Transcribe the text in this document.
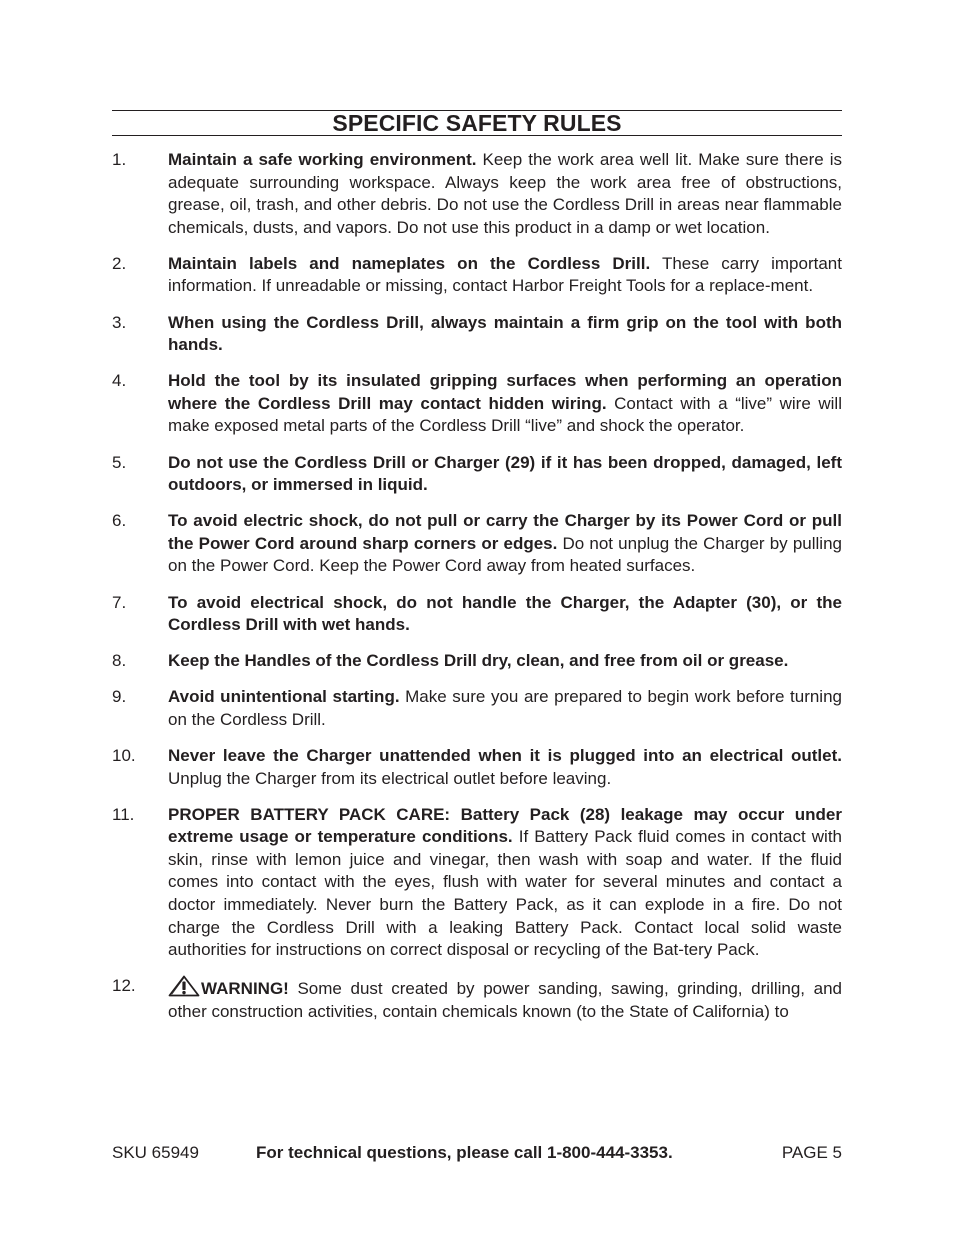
SPECIFIC SAFETY RULES
1. Maintain a safe working environment. Keep the work area well lit. Make sure there is adequate surrounding workspace. Always keep the work area free of obstructions, grease, oil, trash, and other debris. Do not use the Cordless Drill in areas near flammable chemicals, dusts, and vapors. Do not use this product in a damp or wet location.
2. Maintain labels and nameplates on the Cordless Drill. These carry important information. If unreadable or missing, contact Harbor Freight Tools for a replace-ment.
3. When using the Cordless Drill, always maintain a firm grip on the tool with both hands.
4. Hold the tool by its insulated gripping surfaces when performing an operation where the Cordless Drill may contact hidden wiring. Contact with a “live” wire will make exposed metal parts of the Cordless Drill “live” and shock the operator.
5. Do not use the Cordless Drill or Charger (29) if it has been dropped, damaged, left outdoors, or immersed in liquid.
6. To avoid electric shock, do not pull or carry the Charger by its Power Cord or pull the Power Cord around sharp corners or edges. Do not unplug the Charger by pulling on the Power Cord. Keep the Power Cord away from heated surfaces.
7. To avoid electrical shock, do not handle the Charger, the Adapter (30), or the Cordless Drill with wet hands.
8. Keep the Handles of the Cordless Drill dry, clean, and free from oil or grease.
9. Avoid unintentional starting. Make sure you are prepared to begin work before turning on the Cordless Drill.
10. Never leave the Charger unattended when it is plugged into an electrical outlet. Unplug the Charger from its electrical outlet before leaving.
11. PROPER BATTERY PACK CARE: Battery Pack (28) leakage may occur under extreme usage or temperature conditions. If Battery Pack fluid comes in contact with skin, rinse with lemon juice and vinegar, then wash with soap and water. If the fluid comes into contact with the eyes, flush with water for several minutes and contact a doctor immediately. Never burn the Battery Pack, as it can explode in a fire. Do not charge the Cordless Drill with a leaking Battery Pack. Contact local solid waste authorities for instructions on correct disposal or recycling of the Bat-tery Pack.
12.	WARNING! Some dust created by power sanding, sawing, grinding, drilling, and other construction activities, contain chemicals known (to the State of California) to
SKU 65949	For technical questions, please call 1-800-444-3353.	PAGE 5
